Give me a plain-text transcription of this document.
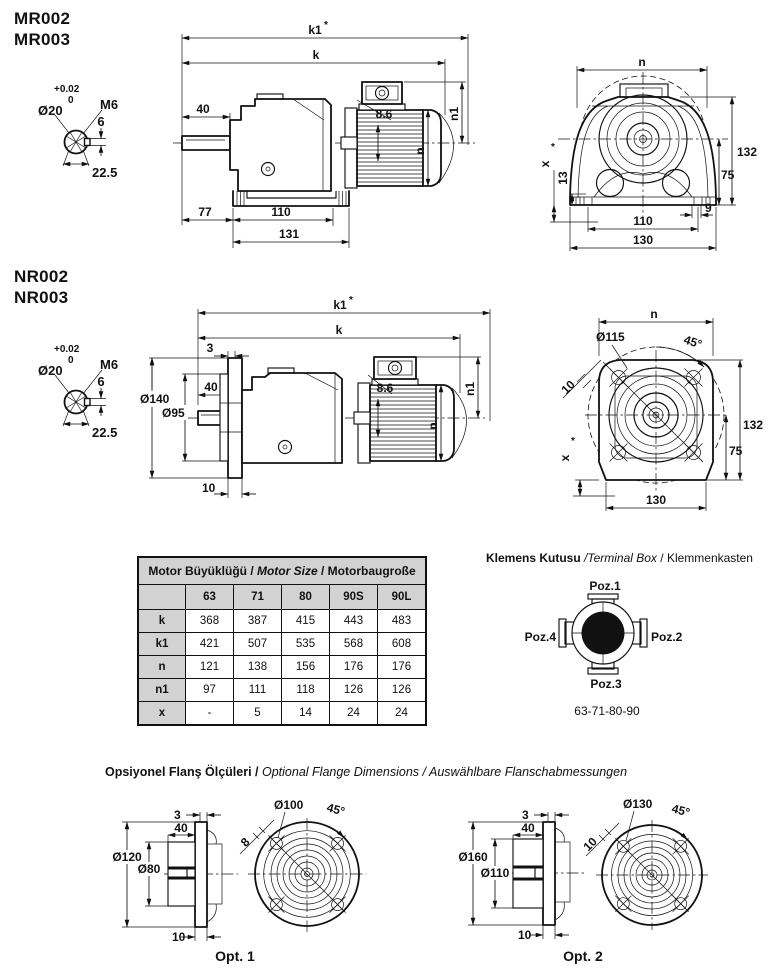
MR002
MR003
+0.02
0
Ø20	M6
6
22.5
k1 *
k
40	8.6
77	110
131
n
n1
n
132
75
13
x
*
9
110
130
NR002
NR003
+0.02
0
Ø20	M6
6
22.5
k1 *
k
3
Ø140
Ø95
40	8.6
10
n
n1
n
Ø115	45°
10
x
*
132
75
130
Motor Büyüklüğü / Motor Size / Motorbaugroße					
	63	71	80	90S	90L
k	368	387	415	443	483
k1	421	507	535	568	608
n	121	138	156	176	176
n1	97	111	118	126	126
x	-	5	14	24	24
Klemens Kutusu /Terminal Box / Klemmenkasten
Poz.1
Poz.2
Poz.3
Poz.4
63-71-80-90
Opsiyonel Flanş Ölçüleri / Optional Flange Dimensions / Auswählbare Flanschabmessungen
3
40
Ø120
Ø80
10
Ø100 45°
8
Opt. 1
3
40
Ø160
Ø110
10
Ø130 45°
10
Opt. 2
